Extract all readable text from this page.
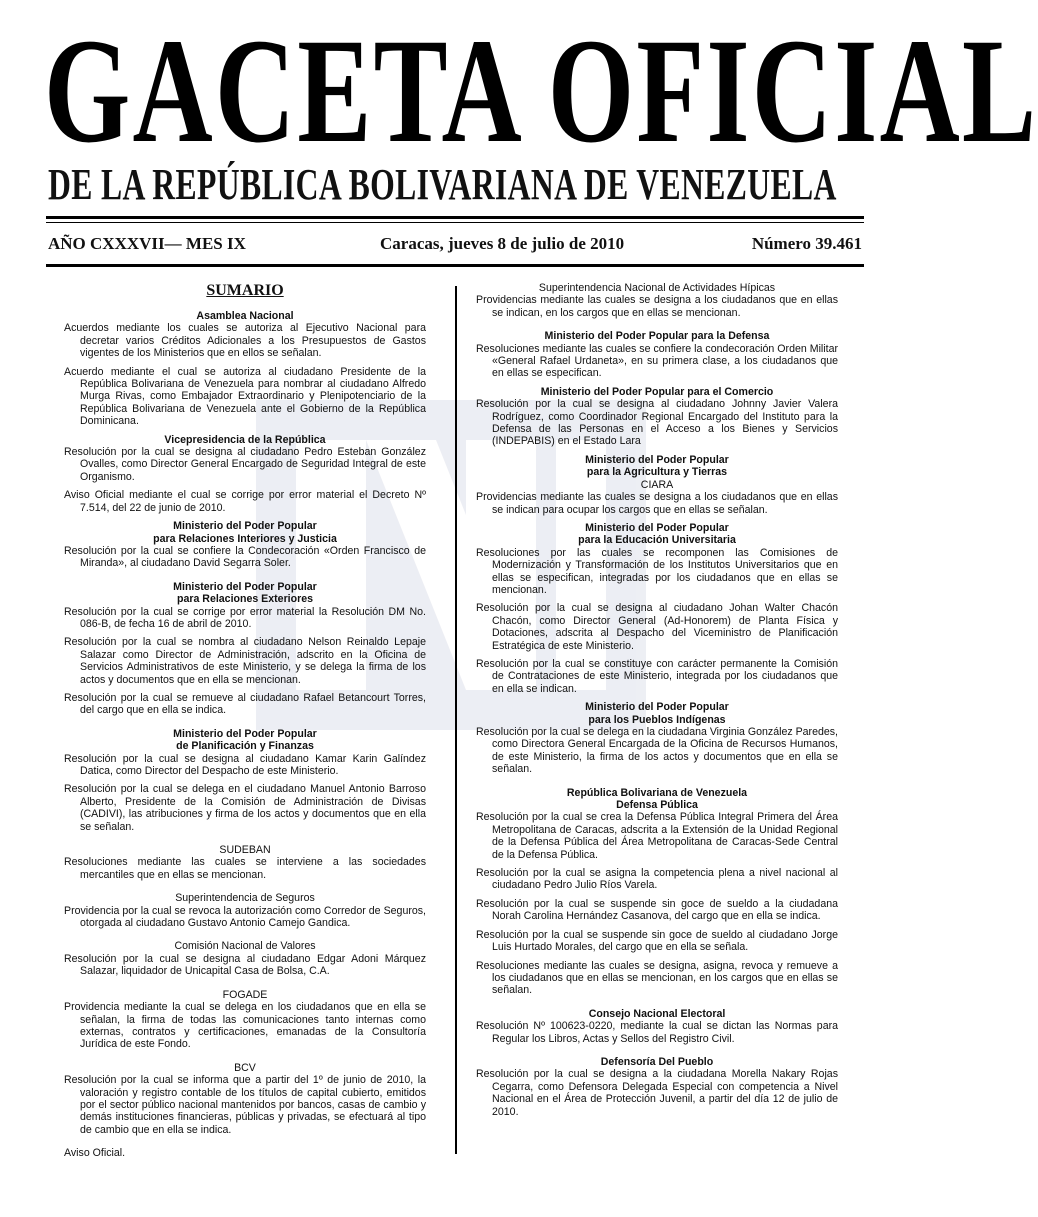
GACETA OFICIAL
DE LA REPÚBLICA BOLIVARIANA DE VENEZUELA
AÑO CXXXVII— MES IX	Caracas, jueves 8 de julio de 2010	Número 39.461
SUMARIO
Asamblea Nacional
Acuerdos mediante los cuales se autoriza al Ejecutivo Nacional para decretar varios Créditos Adicionales a los Presupuestos de Gastos vigentes de los Ministerios que en ellos se señalan.
Acuerdo mediante el cual se autoriza al ciudadano Presidente de la República Bolivariana de Venezuela para nombrar al ciudadano Alfredo Murga Rivas, como Embajador Extraordinario y Plenipotenciario de la República Bolivariana de Venezuela ante el Gobierno de la República Dominicana.
Vicepresidencia de la República
Resolución por la cual se designa al ciudadano Pedro Esteban González Ovalles, como Director General Encargado de Seguridad Integral de este Organismo.
Aviso Oficial mediante el cual se corrige por error material el Decreto Nº 7.514, del 22 de junio de 2010.
Ministerio del Poder Popular
para Relaciones Interiores y Justicia
Resolución por la cual se confiere la Condecoración «Orden Francisco de Miranda», al ciudadano David Segarra Soler.
Ministerio del Poder Popular
para Relaciones Exteriores
Resolución por la cual se corrige por error material la Resolución DM No. 086-B, de fecha 16 de abril de 2010.
Resolución por la cual se nombra al ciudadano Nelson Reinaldo Lepaje Salazar como Director de Administración, adscrito en la Oficina de Servicios Administrativos de este Ministerio, y se delega la firma de los actos y documentos que en ella se mencionan.
Resolución por la cual se remueve al ciudadano Rafael Betancourt Torres, del cargo que en ella se indica.
Ministerio del Poder Popular
de Planificación y Finanzas
Resolución por la cual se designa al ciudadano Kamar Karin Galíndez Datica, como Director del Despacho de este Ministerio.
Resolución por la cual se delega en el ciudadano Manuel Antonio Barroso Alberto, Presidente de la Comisión de Administración de Divisas (CADIVI), las atribuciones y firma de los actos y documentos que en ella se señalan.
SUDEBAN
Resoluciones mediante las cuales se interviene a las sociedades mercantiles que en ellas se mencionan.
Superintendencia de Seguros
Providencia por la cual se revoca la autorización como Corredor de Seguros, otorgada al ciudadano Gustavo Antonio Camejo Gandica.
Comisión Nacional de Valores
Resolución por la cual se designa al ciudadano Edgar Adoni Márquez Salazar, liquidador de Unicapital Casa de Bolsa, C.A.
FOGADE
Providencia mediante la cual se delega en los ciudadanos que en ella se señalan, la firma de todas las comunicaciones tanto internas como externas, contratos y certificaciones, emanadas de la Consultoría Jurídica de este Fondo.
BCV
Resolución por la cual se informa que a partir del 1º de junio de 2010, la valoración y registro contable de los títulos de capital cubierto, emitidos por el sector público nacional mantenidos por bancos, casas de cambio y demás instituciones financieras, públicas y privadas, se efectuará al tipo de cambio que en ella se indica.
Aviso Oficial.
Superintendencia Nacional de Actividades Hípicas
Providencias mediante las cuales se designa a los ciudadanos que en ellas se indican, en los cargos que en ellas se mencionan.
Ministerio del Poder Popular para la Defensa
Resoluciones mediante las cuales se confiere la condecoración Orden Militar «General Rafael Urdaneta», en su primera clase, a los ciudadanos que en ellas se especifican.
Ministerio del Poder Popular para el Comercio
Resolución por la cual se designa al ciudadano Johnny Javier Valera Rodríguez, como Coordinador Regional Encargado del Instituto para la Defensa de las Personas en el Acceso a los Bienes y Servicios (INDEPABIS) en el Estado Lara
Ministerio del Poder Popular
para la Agricultura y Tierras
CIARA
Providencias mediante las cuales se designa a los ciudadanos que en ellas se indican para ocupar los cargos que en ellas se señalan.
Ministerio del Poder Popular
para la Educación Universitaria
Resoluciones por las cuales se recomponen las Comisiones de Modernización y Transformación de los Institutos Universitarios que en ellas se especifican, integradas por los ciudadanos que en ellas se mencionan.
Resolución por la cual se designa al ciudadano Johan Walter Chacón Chacón, como Director General (Ad-Honorem) de Planta Física y Dotaciones, adscrita al Despacho del Viceministro de Planificación Estratégica de este Ministerio.
Resolución por la cual se constituye con carácter permanente la Comisión de Contrataciones de este Ministerio, integrada por los ciudadanos que en ella se indican.
Ministerio del Poder Popular
para los Pueblos Indígenas
Resolución por la cual se delega en la ciudadana Virginia González Paredes, como Directora General Encargada de la Oficina de Recursos Humanos, de este Ministerio, la firma de los actos y documentos que en ella se señalan.
República Bolivariana de Venezuela
Defensa Pública
Resolución por la cual se crea la Defensa Pública Integral Primera del Área Metropolitana de Caracas, adscrita a la Extensión de la Unidad Regional de la Defensa Pública del Área Metropolitana de Caracas-Sede Central de la Defensa Pública.
Resolución por la cual se asigna la competencia plena a nivel nacional al ciudadano Pedro Julio Ríos Varela.
Resolución por la cual se suspende sin goce de sueldo a la ciudadana Norah Carolina Hernández Casanova, del cargo que en ella se indica.
Resolución por la cual se suspende sin goce de sueldo al ciudadano Jorge Luis Hurtado Morales, del cargo que en ella se señala.
Resoluciones mediante las cuales se designa, asigna, revoca y remueve a los ciudadanos que en ellas se mencionan, en los cargos que en ellas se señalan.
Consejo Nacional Electoral
Resolución Nº 100623-0220, mediante la cual se dictan las Normas para Regular los Libros, Actas y Sellos del Registro Civil.
Defensoría Del Pueblo
Resolución por la cual se designa a la ciudadana Morella Nakary Rojas Cegarra, como Defensora Delegada Especial con competencia a Nivel Nacional en el Área de Protección Juvenil, a partir del día 12 de julio de 2010.
